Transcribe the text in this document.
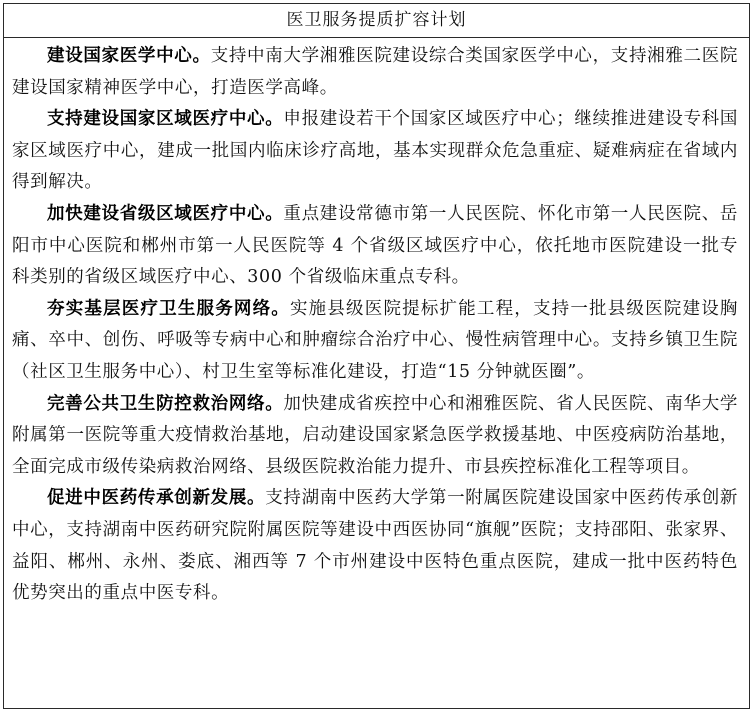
医卫服务提质扩容计划

建设国家医学中心。支持中南大学湘雅医院建设综合类国家医学中心，支持湘雅二医院建设国家精神医学中心，打造医学高峰。

支持建设国家区域医疗中心。申报建设若干个国家区域医疗中心；继续推进建设专科国家区域医疗中心，建成一批国内临床诊疗高地，基本实现群众危急重症、疑难病症在省域内得到解决。

加快建设省级区域医疗中心。重点建设常德市第一人民医院、怀化市第一人民医院、岳阳市中心医院和郴州市第一人民医院等 4 个省级区域医疗中心，依托地市医院建设一批专科类别的省级区域医疗中心、300 个省级临床重点专科。

夯实基层医疗卫生服务网络。实施县级医院提标扩能工程，支持一批县级医院建设胸痛、卒中、创伤、呼吸等专病中心和肿瘤综合治疗中心、慢性病管理中心。支持乡镇卫生院（社区卫生服务中心）、村卫生室等标准化建设，打造“15 分钟就医圈”。

完善公共卫生防控救治网络。加快建成省疾控中心和湘雅医院、省人民医院、南华大学附属第一医院等重大疫情救治基地，启动建设国家紧急医学救援基地、中医疫病防治基地，全面完成市级传染病救治网络、县级医院救治能力提升、市县疾控标准化工程等项目。

促进中医药传承创新发展。支持湖南中医药大学第一附属医院建设国家中医药传承创新中心，支持湖南中医药研究院附属医院等建设中西医协同“旗舰”医院；支持邵阳、张家界、益阳、郴州、永州、娄底、湘西等 7 个市州建设中医特色重点医院，建成一批中医药特色优势突出的重点中医专科。
